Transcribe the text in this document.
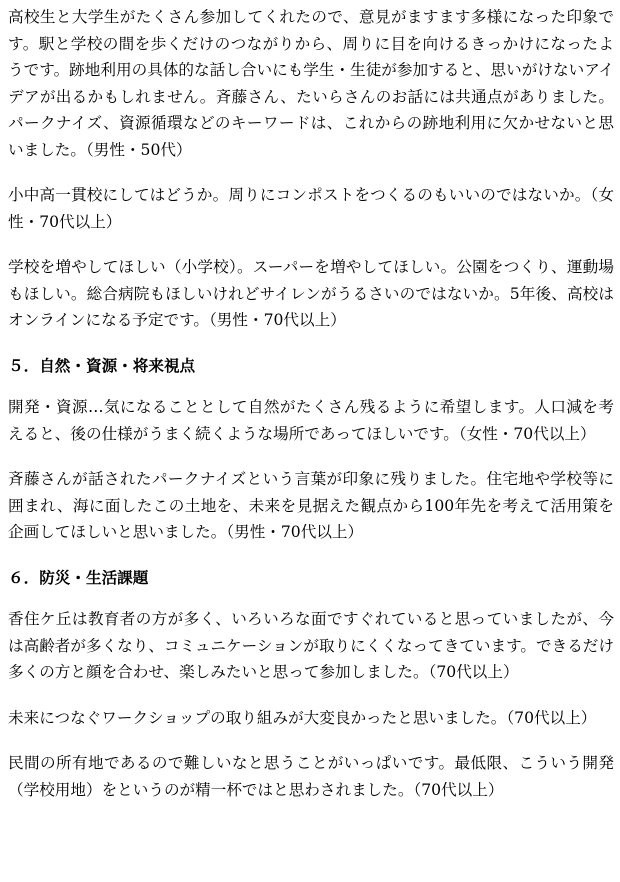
高校生と大学生がたくさん参加してくれたので、意見がますます多様になった印象です。駅と学校の間を歩くだけのつながりから、周りに目を向けるきっかけになったようです。跡地利用の具体的な話し合いにも学生・生徒が参加すると、思いがけないアイデアが出るかもしれません。斉藤さん、たいらさんのお話には共通点がありました。パークナイズ、資源循環などのキーワードは、これからの跡地利用に欠かせないと思いました。（男性・50代）

小中高一貫校にしてはどうか。周りにコンポストをつくるのもいいのではないか。（女性・70代以上）

学校を増やしてほしい（小学校）。スーパーを増やしてほしい。公園をつくり、運動場もほしい。総合病院もほしいけれどサイレンがうるさいのではないか。5年後、高校はオンラインになる予定です。（男性・70代以上）

５．自然・資源・将来視点

開発・資源…気になることとして自然がたくさん残るように希望します。人口減を考えると、後の仕様がうまく続くような場所であってほしいです。（女性・70代以上）

斉藤さんが話されたパークナイズという言葉が印象に残りました。住宅地や学校等に囲まれ、海に面したこの土地を、未来を見据えた観点から100年先を考えて活用策を企画してほしいと思いました。（男性・70代以上）

６．防災・生活課題

香住ケ丘は教育者の方が多く、いろいろな面ですぐれていると思っていましたが、今は高齢者が多くなり、コミュニケーションが取りにくくなってきています。できるだけ多くの方と顔を合わせ、楽しみたいと思って参加しました。（70代以上）

未来につなぐワークショップの取り組みが大変良かったと思いました。（70代以上）

民間の所有地であるので難しいなと思うことがいっぱいです。最低限、こういう開発（学校用地）をというのが精一杯ではと思わされました。（70代以上）
